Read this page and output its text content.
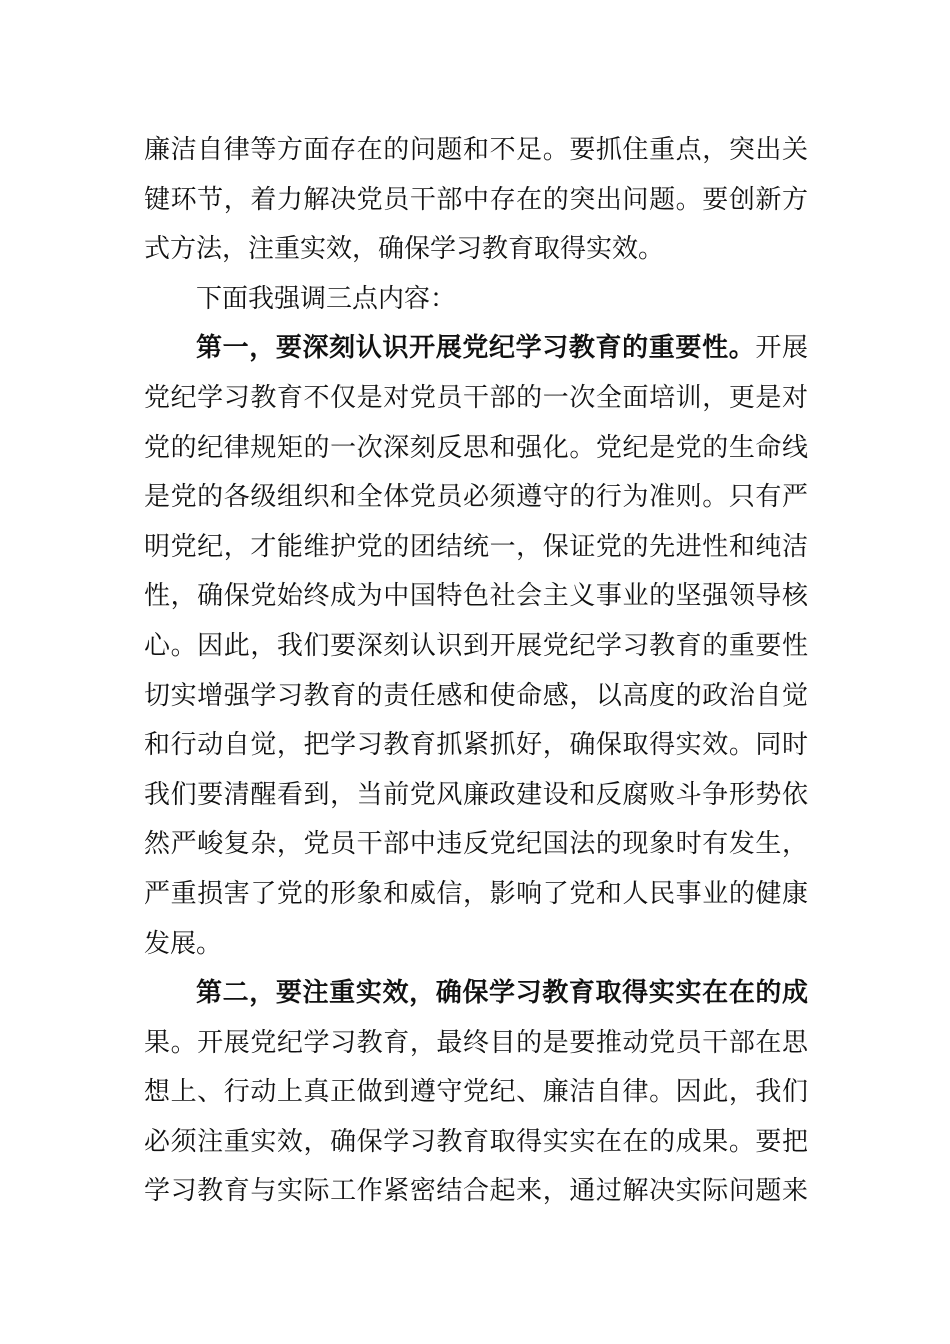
廉洁自律等方面存在的问题和不足。要抓住重点，突出关
键环节，着力解决党员干部中存在的突出问题。要创新方
式方法，注重实效，确保学习教育取得实效。
下面我强调三点内容：
第一，要深刻认识开展党纪学习教育的重要性。开展
党纪学习教育不仅是对党员干部的一次全面培训，更是对
党的纪律规矩的一次深刻反思和强化。党纪是党的生命线
是党的各级组织和全体党员必须遵守的行为准则。只有严
明党纪，才能维护党的团结统一，保证党的先进性和纯洁
性，确保党始终成为中国特色社会主义事业的坚强领导核
心。因此，我们要深刻认识到开展党纪学习教育的重要性
切实增强学习教育的责任感和使命感，以高度的政治自觉
和行动自觉，把学习教育抓紧抓好，确保取得实效。同时
我们要清醒看到，当前党风廉政建设和反腐败斗争形势依
然严峻复杂，党员干部中违反党纪国法的现象时有发生，
严重损害了党的形象和威信，影响了党和人民事业的健康
发展。
第二，要注重实效，确保学习教育取得实实在在的成
果。开展党纪学习教育，最终目的是要推动党员干部在思
想上、行动上真正做到遵守党纪、廉洁自律。因此，我们
必须注重实效，确保学习教育取得实实在在的成果。要把
学习教育与实际工作紧密结合起来，通过解决实际问题来
